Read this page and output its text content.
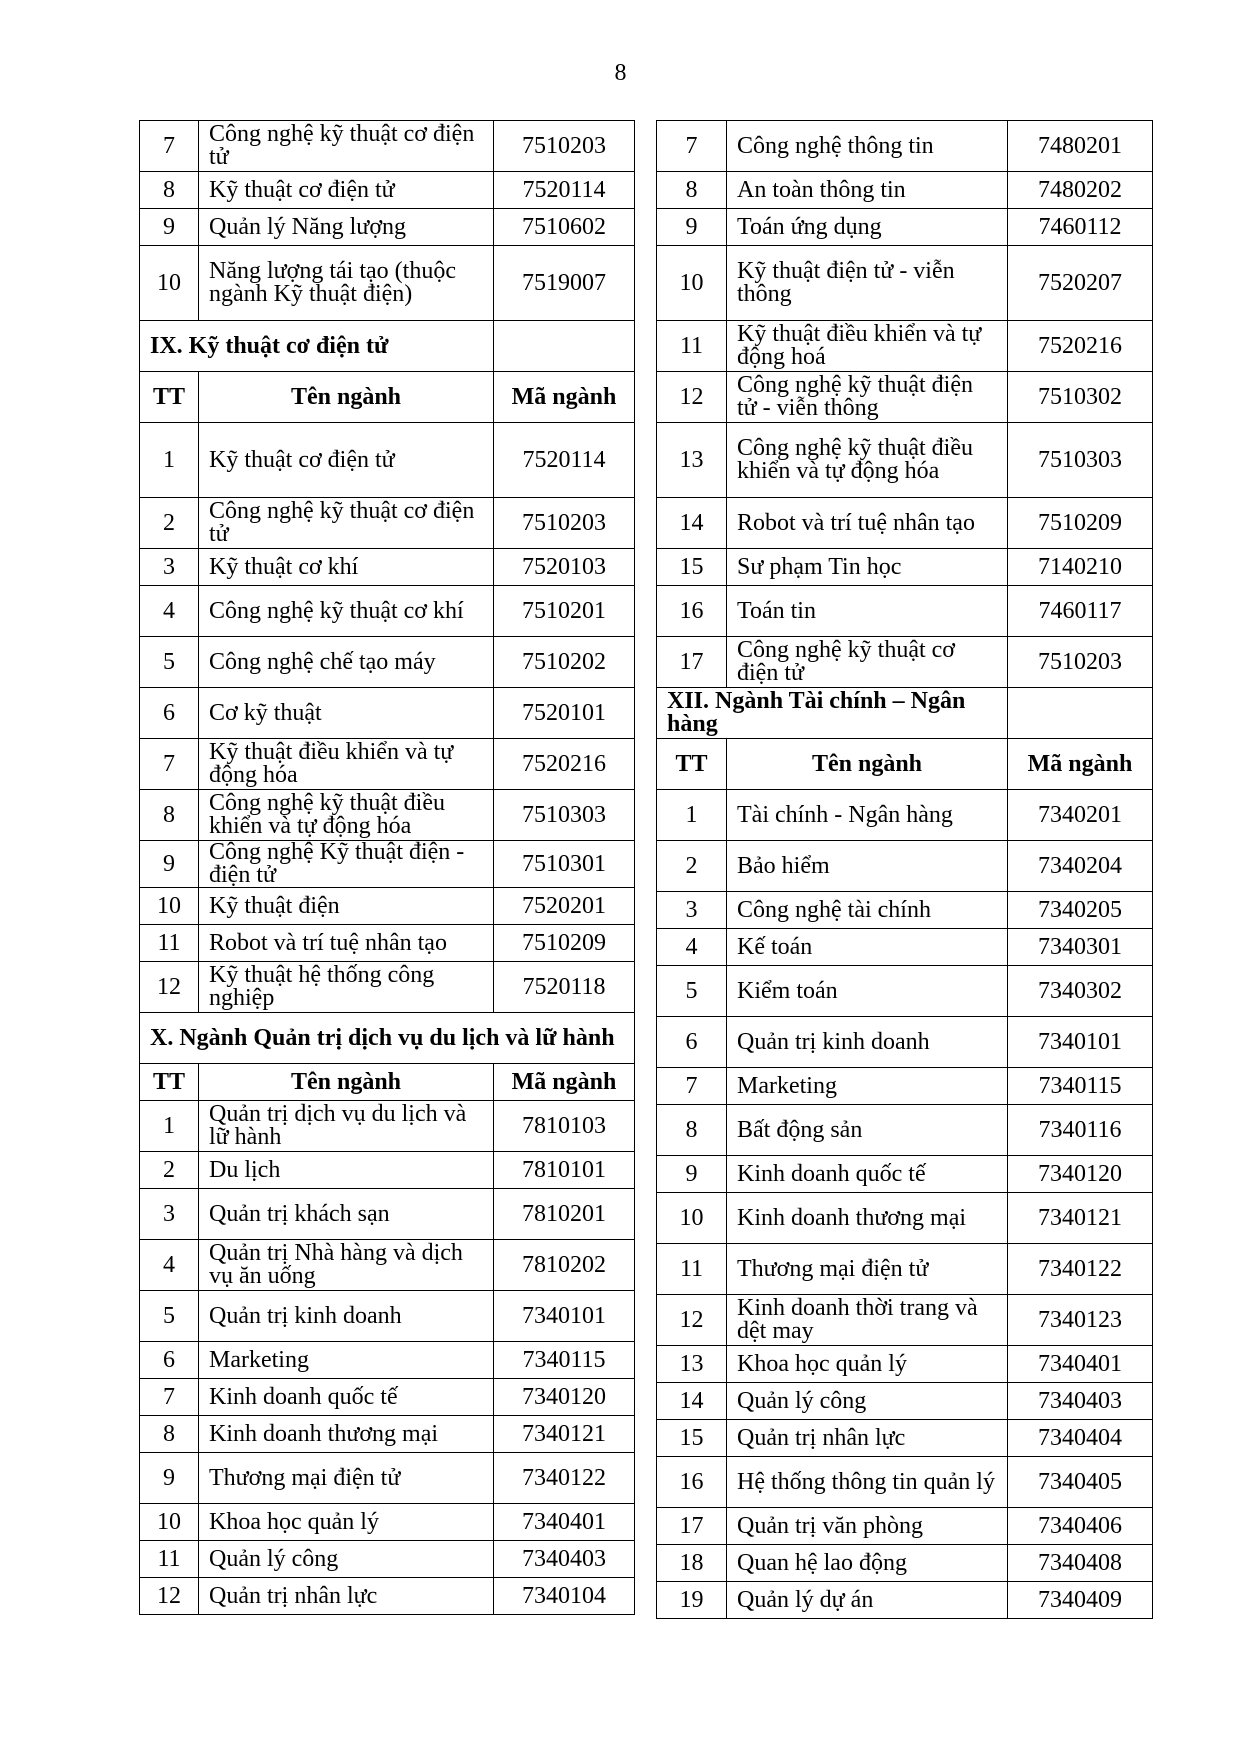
8
7	Công nghệ kỹ thuật cơ điện tử	7510203
8	Kỹ thuật cơ điện tử	7520114
9	Quản lý Năng lượng	7510602
10	Năng lượng tái tạo (thuộc ngành Kỹ thuật điện)	7519007
IX. Kỹ thuật cơ điện tử		
TT	Tên ngành	Mã ngành
1	Kỹ thuật cơ điện tử	7520114
2	Công nghệ kỹ thuật cơ điện tử	7510203
3	Kỹ thuật cơ khí	7520103
4	Công nghệ kỹ thuật cơ khí	7510201
5	Công nghệ chế tạo máy	7510202
6	Cơ kỹ thuật	7520101
7	Kỹ thuật điều khiển và tự động hóa	7520216
8	Công nghệ kỹ thuật điều khiển và tự động hóa	7510303
9	Công nghệ Kỹ thuật điện - điện tử	7510301
10	Kỹ thuật điện	7520201
11	Robot và trí tuệ nhân tạo	7510209
12	Kỹ thuật hệ thống công nghiệp	7520118
X. Ngành Quản trị dịch vụ du lịch và lữ hành		
TT	Tên ngành	Mã ngành
1	Quản trị dịch vụ du lịch và lữ hành	7810103
2	Du lịch	7810101
3	Quản trị khách sạn	7810201
4	Quản trị Nhà hàng và dịch vụ ăn uống	7810202
5	Quản trị kinh doanh	7340101
6	Marketing	7340115
7	Kinh doanh quốc tế	7340120
8	Kinh doanh thương mại	7340121
9	Thương mại điện tử	7340122
10	Khoa học quản lý	7340401
11	Quản lý công	7340403
12	Quản trị nhân lực	7340104
7	Công nghệ thông tin	7480201
8	An toàn thông tin	7480202
9	Toán ứng dụng	7460112
10	Kỹ thuật điện tử - viễn thông	7520207
11	Kỹ thuật điều khiển và tự động hoá	7520216
12	Công nghệ kỹ thuật điện tử - viễn thông	7510302
13	Công nghệ kỹ thuật điều khiển và tự động hóa	7510303
14	Robot và trí tuệ nhân tạo	7510209
15	Sư phạm Tin học	7140210
16	Toán tin	7460117
17	Công nghệ kỹ thuật cơ điện tử	7510203
XII. Ngành Tài chính – Ngân hàng		
TT	Tên ngành	Mã ngành
1	Tài chính - Ngân hàng	7340201
2	Bảo hiểm	7340204
3	Công nghệ tài chính	7340205
4	Kế toán	7340301
5	Kiểm toán	7340302
6	Quản trị kinh doanh	7340101
7	Marketing	7340115
8	Bất động sản	7340116
9	Kinh doanh quốc tế	7340120
10	Kinh doanh thương mại	7340121
11	Thương mại điện tử	7340122
12	Kinh doanh thời trang và dệt may	7340123
13	Khoa học quản lý	7340401
14	Quản lý công	7340403
15	Quản trị nhân lực	7340404
16	Hệ thống thông tin quản lý	7340405
17	Quản trị văn phòng	7340406
18	Quan hệ lao động	7340408
19	Quản lý dự án	7340409
